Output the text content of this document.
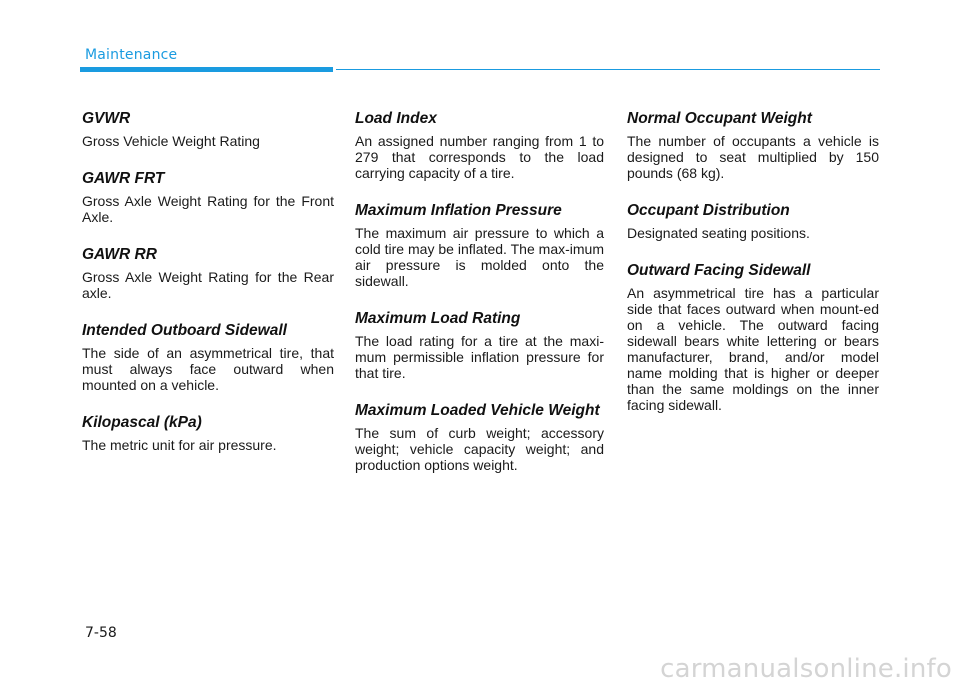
Maintenance

GVWR

Gross Vehicle Weight Rating

GAWR FRT

Gross Axle Weight Rating for the Front Axle.

GAWR RR

Gross Axle Weight Rating for the Rear axle.

Intended Outboard Sidewall

The side of an asymmetrical tire, that must always face outward when mounted on a vehicle.

Kilopascal (kPa)

The metric unit for air pressure.

Load Index

An assigned number ranging from 1 to 279 that corresponds to the load carrying capacity of a tire.

Maximum Inflation Pressure

The maximum air pressure to which a cold tire may be inflated. The max-imum air pressure is molded onto the sidewall.

Maximum Load Rating

The load rating for a tire at the maxi-mum permissible inflation pressure for that tire.

Maximum Loaded Vehicle Weight

The sum of curb weight; accessory weight; vehicle capacity weight; and production options weight.

Normal Occupant Weight

The number of occupants a vehicle is designed to seat multiplied by 150 pounds (68 kg).

Occupant Distribution

Designated seating positions.

Outward Facing Sidewall

An asymmetrical tire has a particular side that faces outward when mount-ed on a vehicle. The outward facing sidewall bears white lettering or bears manufacturer, brand, and/or model name molding that is higher or deeper than the same moldings on the inner facing sidewall.

7-58
carmanualsonline.info
